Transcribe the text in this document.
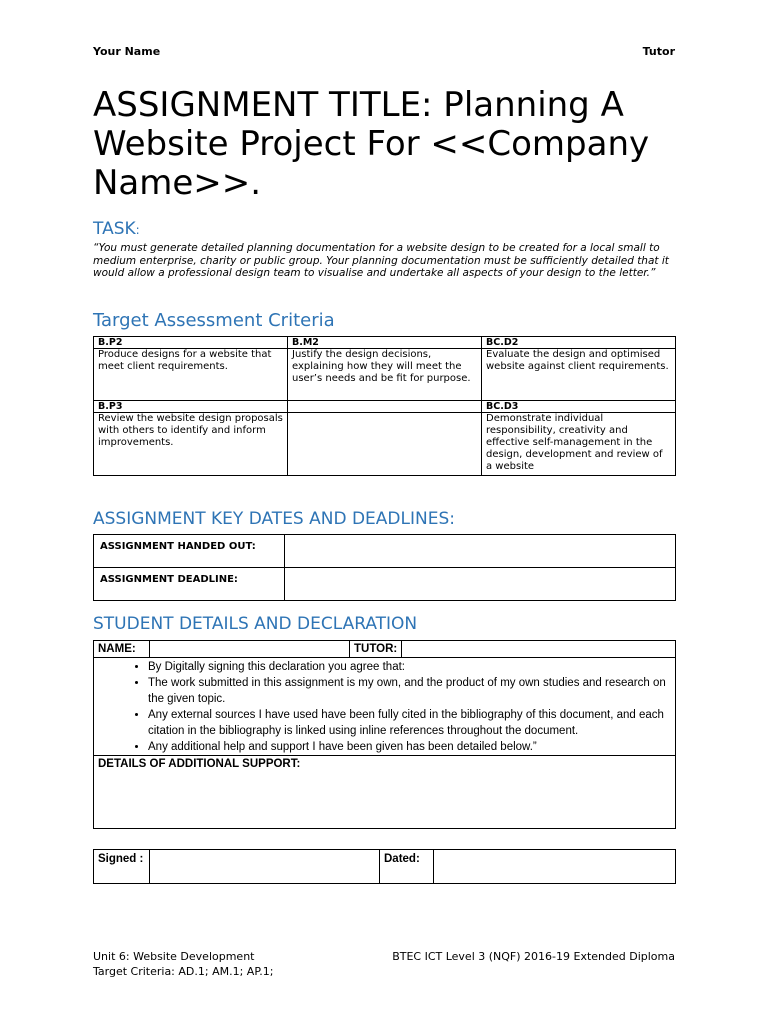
Your Name	Tutor
ASSIGNMENT TITLE: Planning A Website Project For <<Company Name>>.
TASK:
“You must generate detailed planning documentation for a website design to be created for a local small to medium enterprise, charity or public group. Your planning documentation must be sufficiently detailed that it would allow a professional design team to visualise and undertake all aspects of your design to the letter.”
Target Assessment Criteria
B.P2	B.M2	BC.D2
Produce designs for a website that meet client requirements.	Justify the design decisions, explaining how they will meet the user’s needs and be fit for purpose.	Evaluate the design and optimised website against client requirements.
B.P3		BC.D3
Review the website design proposals with others to identify and inform improvements.		Demonstrate individual responsibility, creativity and effective self-management in the design, development and review of a website
ASSIGNMENT KEY DATES AND DEADLINES:
ASSIGNMENT HANDED OUT:	
ASSIGNMENT DEADLINE:	
STUDENT DETAILS AND DECLARATION
NAME:		TUTOR:	

• By Digitally signing this declaration you agree that:
• The work submitted in this assignment is my own, and the product of my own studies and research on the given topic.
• Any external sources I have used have been fully cited in the bibliography of this document, and each citation in the bibliography is linked using inline references throughout the document.
• Any additional help and support I have been given has been detailed below.”

DETAILS OF ADDITIONAL SUPPORT:
Signed :		Dated:	
Unit 6: Website Development
Target Criteria: AD.1; AM.1; AP.1;
BTEC ICT Level 3 (NQF) 2016-19 Extended Diploma
